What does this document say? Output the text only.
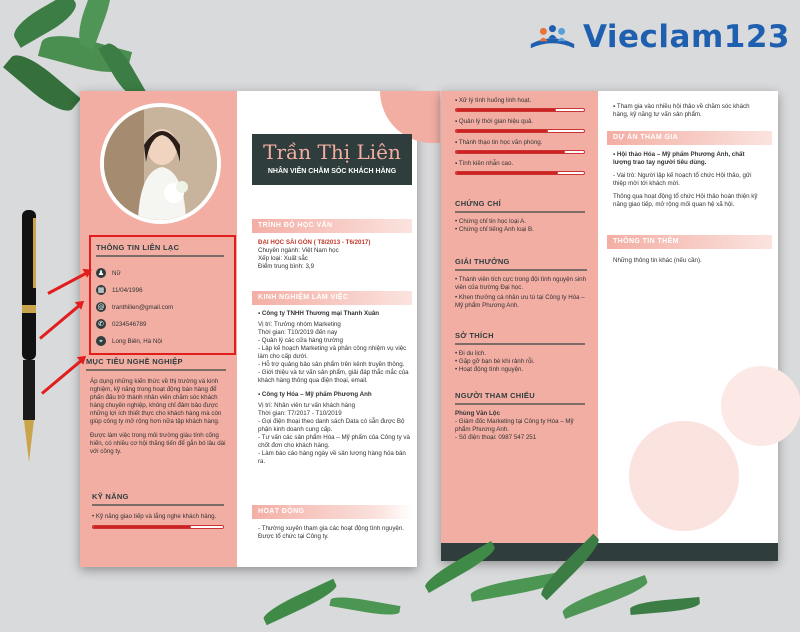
Vieclam123
Trần Thị Liên
NHÂN VIÊN CHĂM SÓC KHÁCH HÀNG
THÔNG TIN LIÊN LẠC
♟ Nữ
▦ 11/04/1996
@ tranthilien@gmail.com
✆ 0234546789
⌖ Long Biên, Hà Nội
MỤC TIÊU NGHỀ NGHIỆP
Áp dụng những kiến thức về thị trường và kinh nghiệm, kỹ năng trong hoạt động bán hàng để phấn đấu trở thành nhân viên chăm sóc khách hàng chuyên nghiệp, không chỉ đảm bảo được những lợi ích thiết thực cho khách hàng mà còn giúp công ty mở rộng hơn nữa tập khách hàng.
Được làm việc trong môi trường giàu tính cống hiến, có nhiều cơ hội thăng tiến để gắn bó lâu dài với công ty.
KỸ NĂNG
• Kỹ năng giao tiếp và lắng nghe khách hàng.
TRÌNH ĐỘ HỌC VẤN
ĐẠI HỌC SÀI GÒN ( T8/2013 - T6/2017)
Chuyên ngành: Việt Nam học
Xếp loại: Xuất sắc
Điểm trung bình: 3,9
KINH NGHIỆM LÀM VIỆC
▪ Công ty TNHH Thương mại Thanh Xuân
Vị trí: Trưởng nhóm Marketing
Thời gian: T10/2019 đến nay
- Quản lý các cửa hàng trường
- Lập kế hoạch Marketing và phân công nhiệm vụ việc làm cho cấp dưới.
- Hỗ trợ quảng bảo sản phẩm trên kênh truyền thông.
- Giới thiệu và tư vấn sản phẩm, giải đáp thắc mắc của khách hàng thông qua điện thoại, email.
▪ Công ty Hóa – Mỹ phẩm Phương Anh
Vị trí: Nhân viên tư vấn khách hàng
Thời gian: T7/2017 - T10/2019
- Gọi điện thoại theo danh sách Data có sẵn được Bộ phận kinh doanh cung cấp.
- Tư vấn các sản phẩm Hóa – Mỹ phẩm của Công ty và chốt đơn cho khách hàng.
- Làm báo cáo hàng ngày về sản lượng hàng hóa bán ra.
HOẠT ĐỘNG
- Thường xuyên tham gia các hoạt động tình nguyện. Được tổ chức tại Công ty.
▪ Xử lý tình huống linh hoạt.
▪ Quản lý thời gian hiệu quả.
▪ Thành thạo tin học văn phòng.
▪ Tính kiên nhẫn cao.
CHỨNG CHỈ
• Chứng chỉ tin học loại A.
• Chứng chỉ tiếng Anh loại B.
GIẢI THƯỞNG
• Thành viên tích cực trong đội tình nguyện sinh viên của trường Đại học.
• Khen thưởng cá nhân ưu tú tại Công ty Hóa – Mỹ phẩm Phương Anh.
SỞ THÍCH
• Đi du lịch.
• Gặp gỡ bạn bè khi rảnh rỗi.
• Hoạt động tình nguyện.
NGƯỜI THAM CHIẾU
Phùng Văn Lộc
- Giám đốc Marketing tại Công ty Hóa – Mỹ phẩm Phương Anh.
- Số điện thoại: 0987 547 251
▪ Tham gia vào nhiều hội thảo về chăm sóc khách hàng, kỹ năng tư vấn sản phẩm.
DỰ ÁN THAM GIA
▪ Hội thảo Hóa – Mỹ phẩm Phương Anh, chất lượng trao tay người tiêu dùng.
- Vai trò: Người lập kế hoạch tổ chức Hội thảo, gửi thiệp mời tới khách mời.
Thông qua hoạt động tổ chức Hội thảo hoàn thiện kỹ năng giao tiếp, mở rộng mối quan hệ xã hội.
THÔNG TIN THÊM
Những thông tin khác (nếu cần).
